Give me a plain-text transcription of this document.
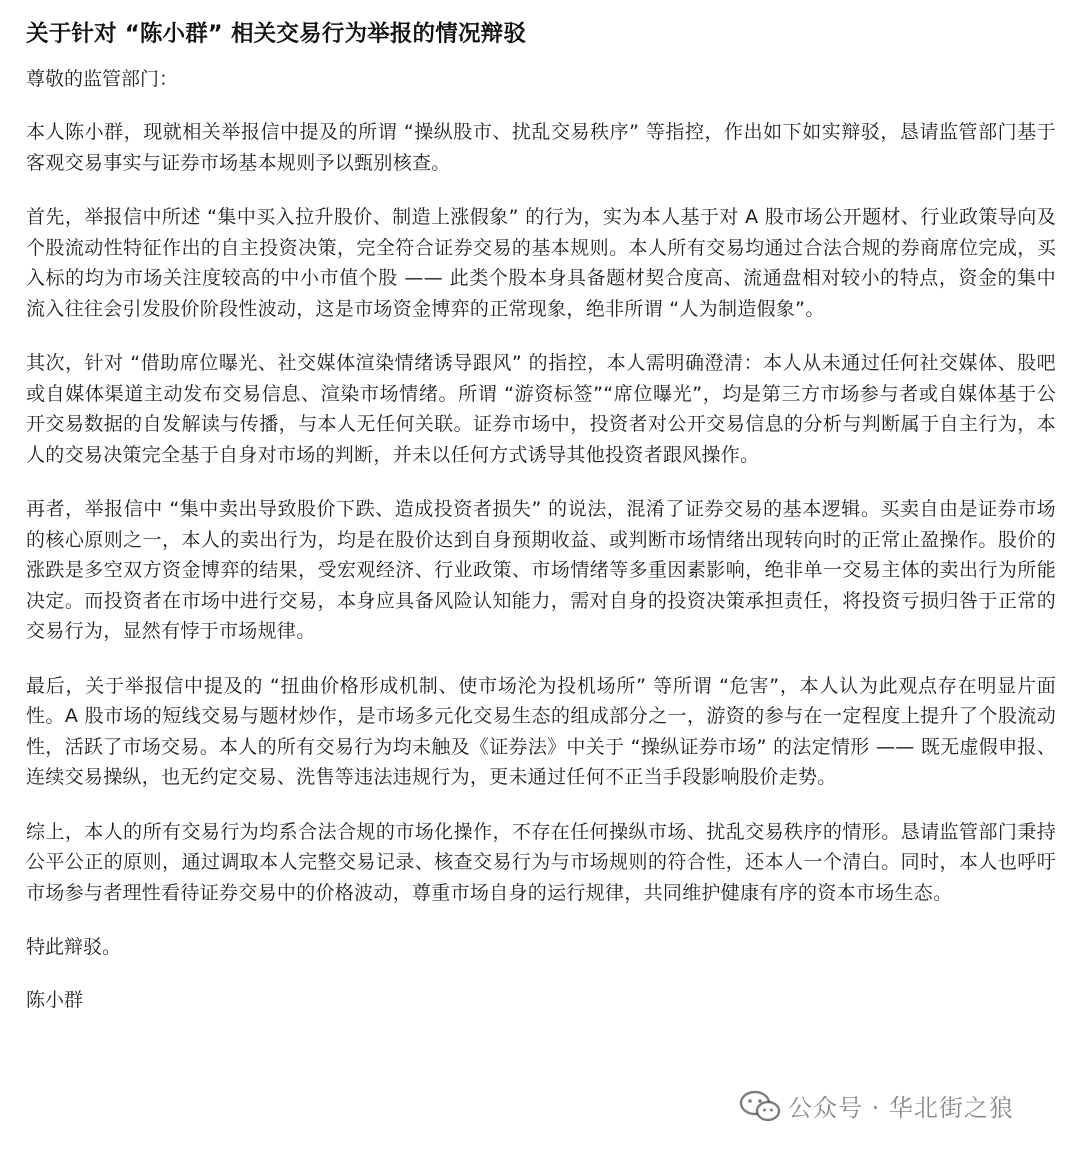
关于针对 “陈小群” 相关交易行为举报的情况辩驳
尊敬的监管部门：
本人陈小群，现就相关举报信中提及的所谓 “操纵股市、扰乱交易秩序” 等指控，作出如下如实辩驳，恳请监管部门基于客观交易事实与证券市场基本规则予以甄别核查。
首先，举报信中所述 “集中买入拉升股价、制造上涨假象” 的行为，实为本人基于对 A 股市场公开题材、行业政策导向及个股流动性特征作出的自主投资决策，完全符合证券交易的基本规则。本人所有交易均通过合法合规的券商席位完成，买入标的均为市场关注度较高的中小市值个股 —— 此类个股本身具备题材契合度高、流通盘相对较小的特点，资金的集中流入往往会引发股价阶段性波动，这是市场资金博弈的正常现象，绝非所谓 “人为制造假象”。
其次，针对 “借助席位曝光、社交媒体渲染情绪诱导跟风” 的指控，本人需明确澄清：本人从未通过任何社交媒体、股吧或自媒体渠道主动发布交易信息、渲染市场情绪。所谓 “游资标签”“席位曝光”，均是第三方市场参与者或自媒体基于公开交易数据的自发解读与传播，与本人无任何关联。证券市场中，投资者对公开交易信息的分析与判断属于自主行为，本人的交易决策完全基于自身对市场的判断，并未以任何方式诱导其他投资者跟风操作。
再者，举报信中 “集中卖出导致股价下跌、造成投资者损失” 的说法，混淆了证券交易的基本逻辑。买卖自由是证券市场的核心原则之一，本人的卖出行为，均是在股价达到自身预期收益、或判断市场情绪出现转向时的正常止盈操作。股价的涨跌是多空双方资金博弈的结果，受宏观经济、行业政策、市场情绪等多重因素影响，绝非单一交易主体的卖出行为所能决定。而投资者在市场中进行交易，本身应具备风险认知能力，需对自身的投资决策承担责任，将投资亏损归咎于正常的交易行为，显然有悖于市场规律。
最后，关于举报信中提及的 “扭曲价格形成机制、使市场沦为投机场所” 等所谓 “危害”，本人认为此观点存在明显片面性。A 股市场的短线交易与题材炒作，是市场多元化交易生态的组成部分之一，游资的参与在一定程度上提升了个股流动性，活跃了市场交易。本人的所有交易行为均未触及《证券法》中关于 “操纵证券市场” 的法定情形 —— 既无虚假申报、连续交易操纵，也无约定交易、洗售等违法违规行为，更未通过任何不正当手段影响股价走势。
综上，本人的所有交易行为均系合法合规的市场化操作，不存在任何操纵市场、扰乱交易秩序的情形。恳请监管部门秉持公平公正的原则，通过调取本人完整交易记录、核查交易行为与市场规则的符合性，还本人一个清白。同时，本人也呼吁市场参与者理性看待证券交易中的价格波动，尊重市场自身的运行规律，共同维护健康有序的资本市场生态。
特此辩驳。
陈小群
公众号 · 华北街之狼
